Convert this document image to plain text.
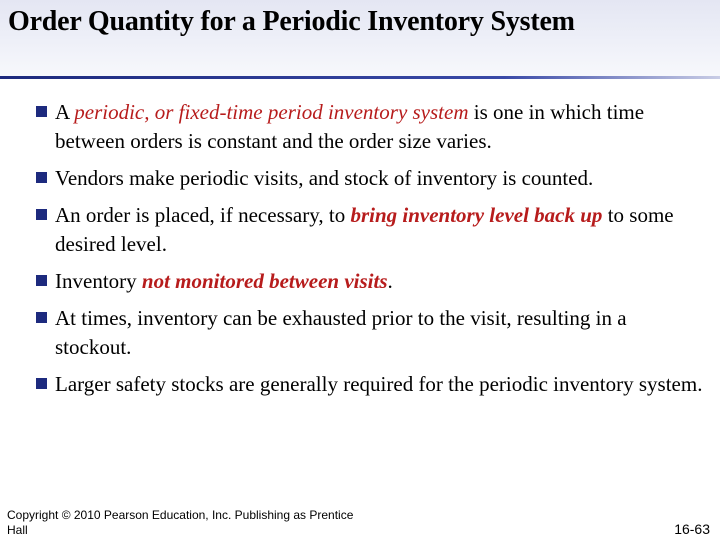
Order Quantity for a Periodic Inventory System
A periodic, or fixed-time period inventory system is one in which time between orders is constant and the order size varies.
Vendors make periodic visits, and stock of inventory is counted.
An order is placed, if necessary, to bring inventory level back up to some desired level.
Inventory not monitored between visits.
At times, inventory can be exhausted prior to the visit, resulting in a stockout.
Larger safety stocks are generally required for the periodic inventory system.
Copyright © 2010 Pearson Education, Inc. Publishing as Prentice Hall	16-63
